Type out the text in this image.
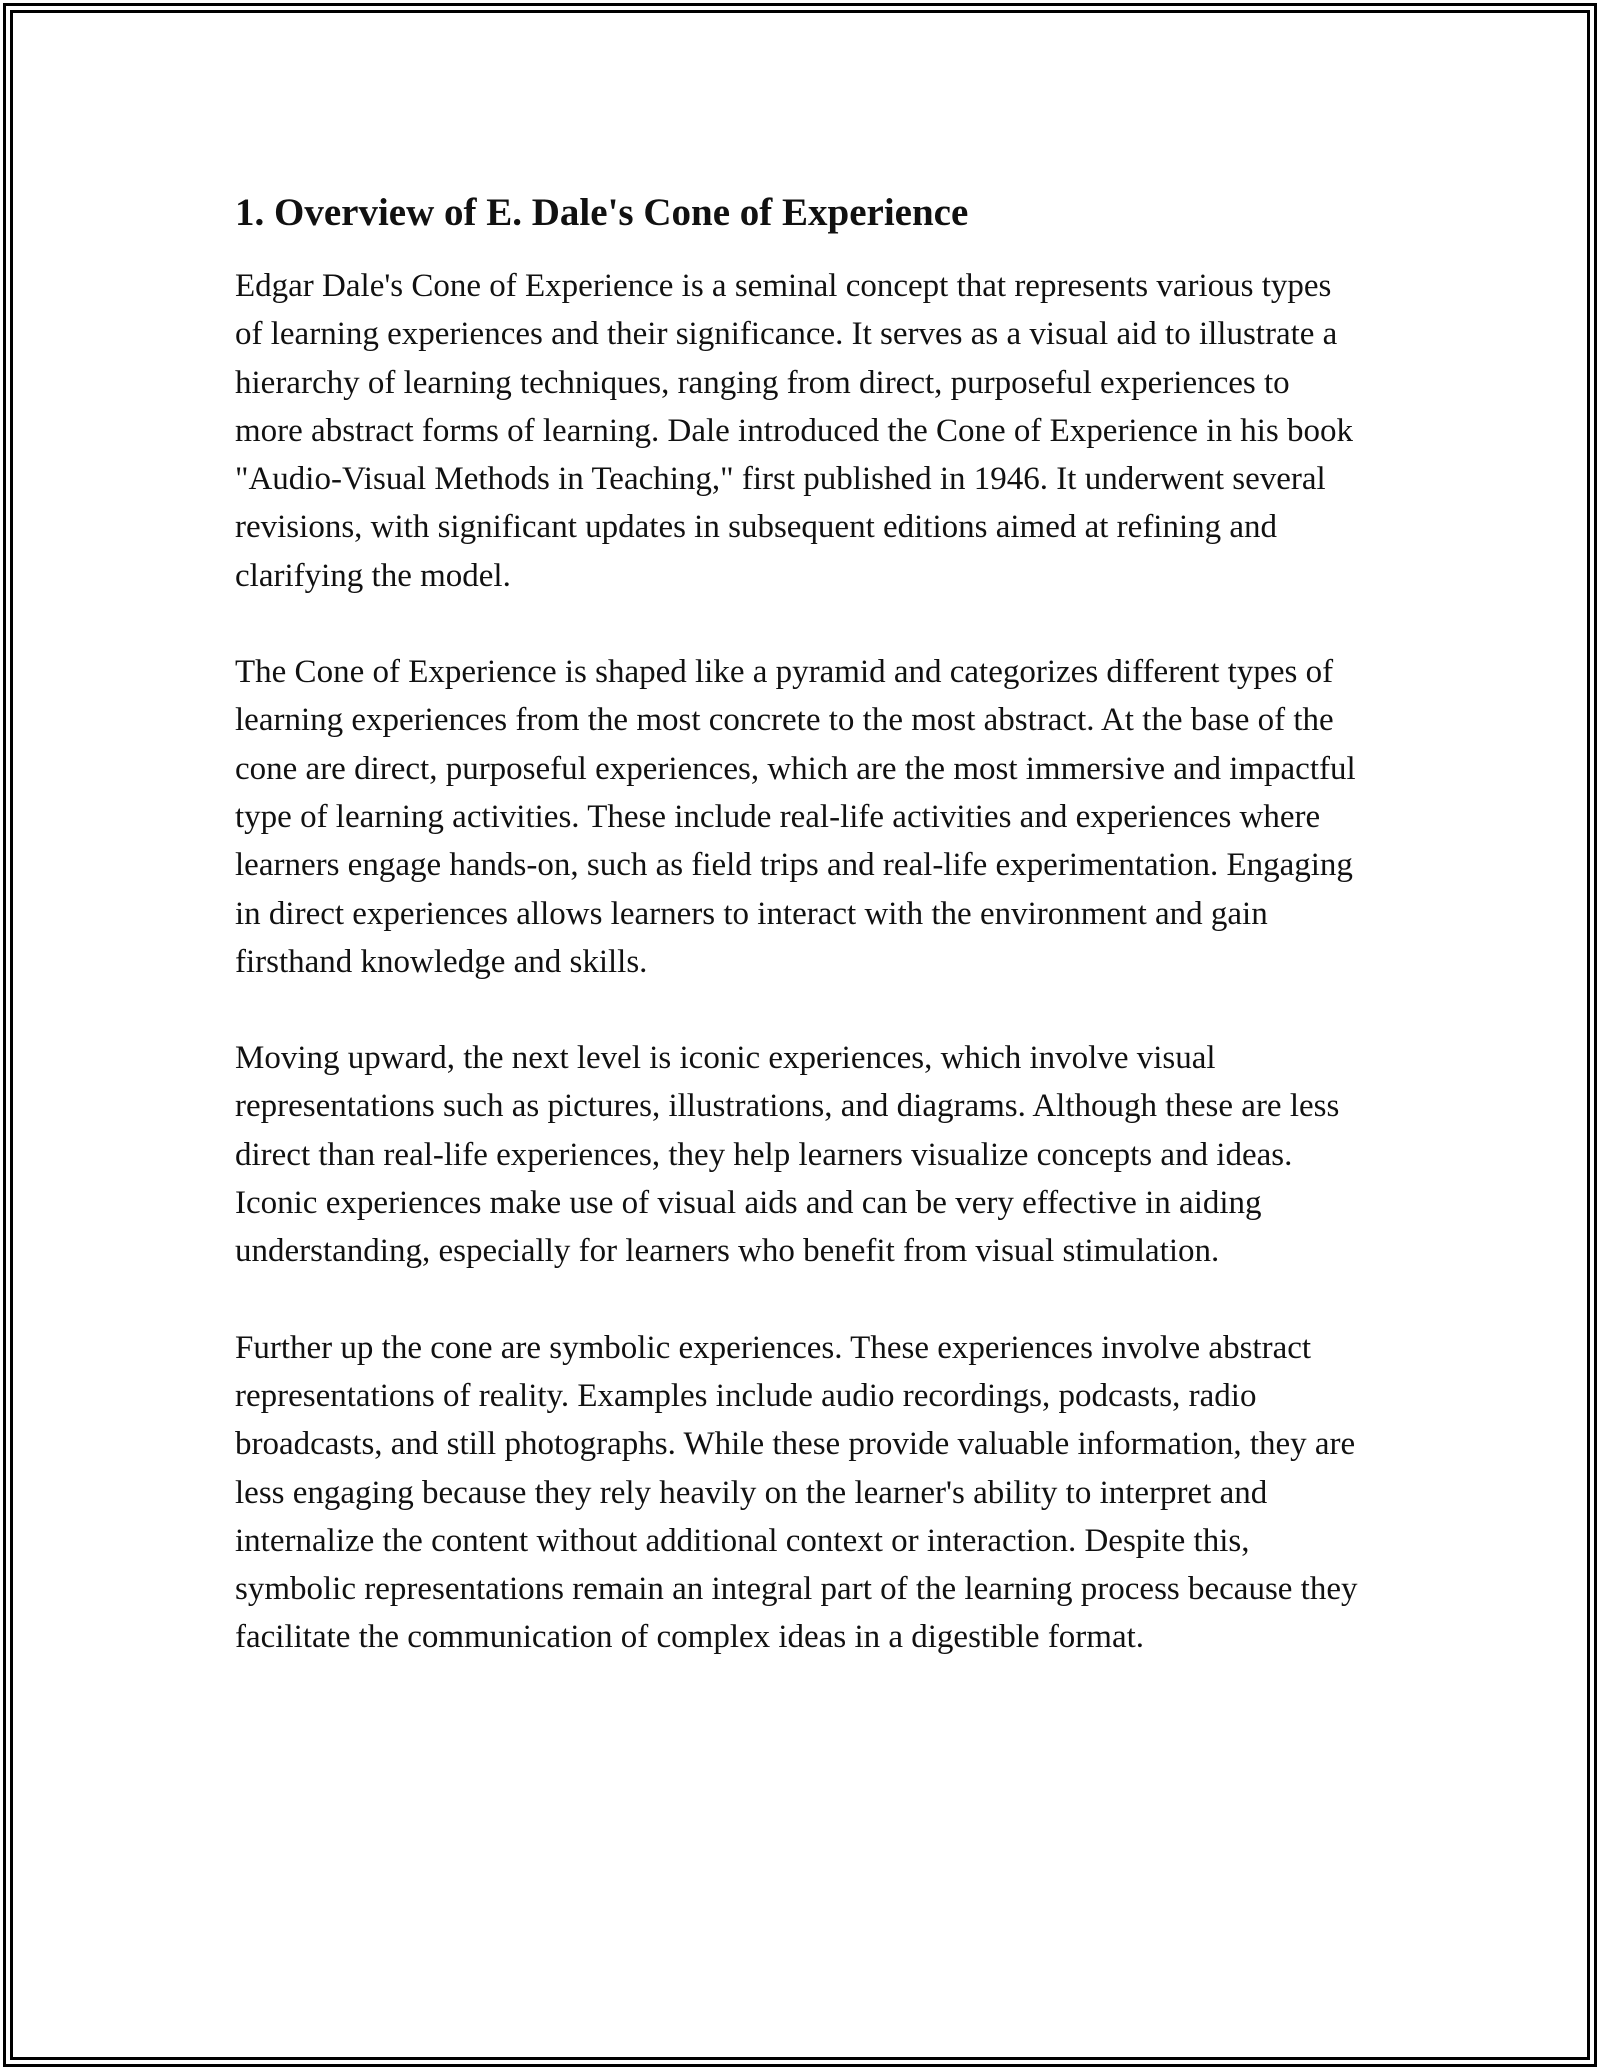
1. Overview of E. Dale's Cone of Experience

Edgar Dale's Cone of Experience is a seminal concept that represents various types of learning experiences and their significance. It serves as a visual aid to illustrate a hierarchy of learning techniques, ranging from direct, purposeful experiences to more abstract forms of learning. Dale introduced the Cone of Experience in his book "Audio-Visual Methods in Teaching," first published in 1946. It underwent several revisions, with significant updates in subsequent editions aimed at refining and clarifying the model.

The Cone of Experience is shaped like a pyramid and categorizes different types of learning experiences from the most concrete to the most abstract. At the base of the cone are direct, purposeful experiences, which are the most immersive and impactful type of learning activities. These include real-life activities and experiences where learners engage hands-on, such as field trips and real-life experimentation. Engaging in direct experiences allows learners to interact with the environment and gain firsthand knowledge and skills.

Moving upward, the next level is iconic experiences, which involve visual representations such as pictures, illustrations, and diagrams. Although these are less direct than real-life experiences, they help learners visualize concepts and ideas. Iconic experiences make use of visual aids and can be very effective in aiding understanding, especially for learners who benefit from visual stimulation.

Further up the cone are symbolic experiences. These experiences involve abstract representations of reality. Examples include audio recordings, podcasts, radio broadcasts, and still photographs. While these provide valuable information, they are less engaging because they rely heavily on the learner's ability to interpret and internalize the content without additional context or interaction. Despite this, symbolic representations remain an integral part of the learning process because they facilitate the communication of complex ideas in a digestible format.
